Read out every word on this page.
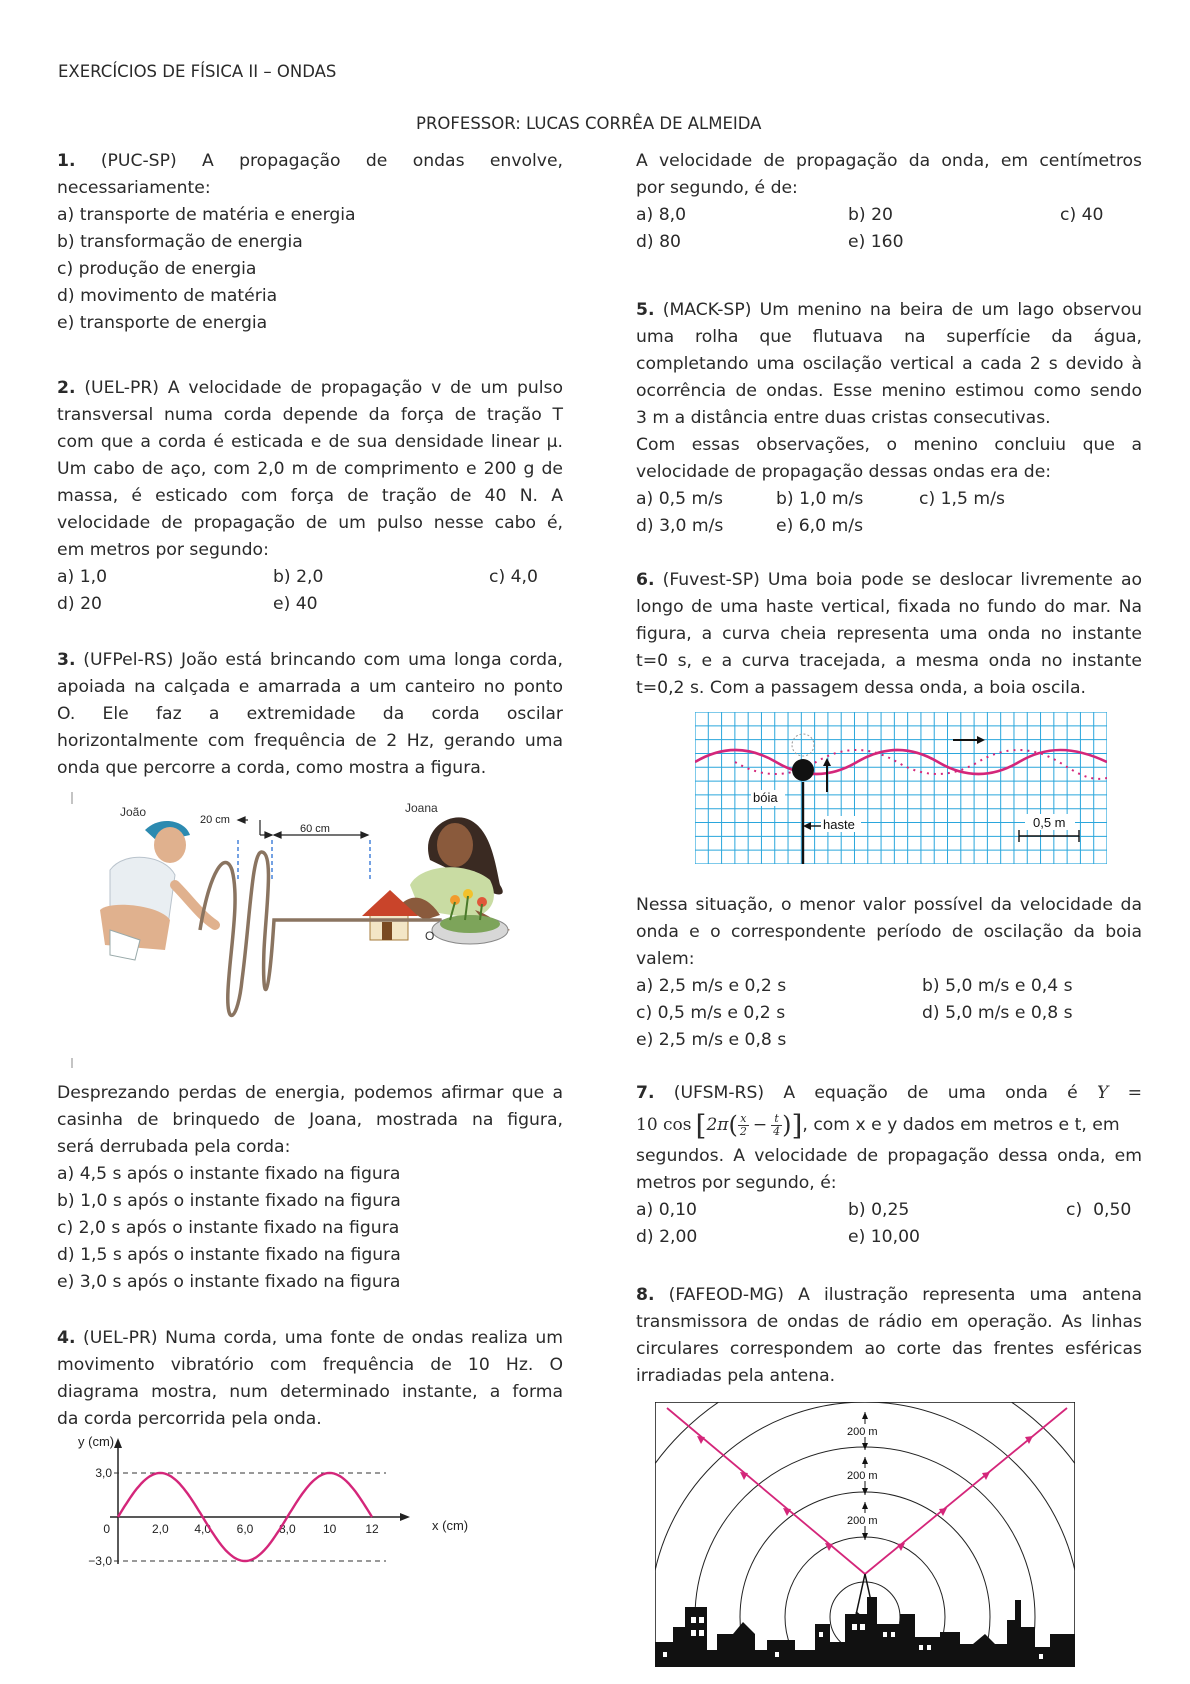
EXERCÍCIOS DE FÍSICA II – ONDAS
PROFESSOR: LUCAS CORRÊA DE ALMEIDA
1. (PUC-SP) A propagação de ondas envolve,
necessariamente:
a) transporte de matéria e energia
b) transformação de energia
c) produção de energia
d) movimento de matéria
e) transporte de energia
2. (UEL-PR) A velocidade de propagação v de um pulso
transversal numa corda depende da força de tração T
com que a corda é esticada e de sua densidade linear μ.
Um cabo de aço, com 2,0 m de comprimento e 200 g de
massa, é esticado com força de tração de 40 N. A
velocidade de propagação de um pulso nesse cabo é,
em metros por segundo:
a) 1,0	b) 2,0	c) 4,0
d) 20	e) 40
3. (UFPel-RS) João está brincando com uma longa corda,
apoiada na calçada e amarrada a um canteiro no ponto
O. Ele faz a extremidade da corda oscilar
horizontalmente com frequência de 2 Hz, gerando uma
onda que percorre a corda, como mostra a figura.
Desprezando perdas de energia, podemos afirmar que a
casinha de brinquedo de Joana, mostrada na figura,
será derrubada pela corda:
a) 4,5 s após o instante fixado na figura
b) 1,0 s após o instante fixado na figura
c) 2,0 s após o instante fixado na figura
d) 1,5 s após o instante fixado na figura
e) 3,0 s após o instante fixado na figura
4. (UEL-PR) Numa corda, uma fonte de ondas realiza um
movimento vibratório com frequência de 10 Hz. O
diagrama mostra, num determinado instante, a forma
da corda percorrida pela onda.
Joana
João
O
20 cm
60 cm
3,0
−3,0
0	2,0 4,0 6,0 8,0 10 12
y (cm)
x (cm)
A velocidade de propagação da onda, em centímetros
por segundo, é de:
a) 8,0	b) 20	c) 40
d) 80	e) 160
5. (MACK-SP) Um menino na beira de um lago observou
uma rolha que flutuava na superfície da água,
completando uma oscilação vertical a cada 2 s devido à
ocorrência de ondas. Esse menino estimou como sendo
3 m a distância entre duas cristas consecutivas.
Com essas observações, o menino concluiu que a
velocidade de propagação dessas ondas era de:
a) 0,5 m/s	b) 1,0 m/s	c) 1,5 m/s
d) 3,0 m/s	e) 6,0 m/s
6. (Fuvest-SP) Uma boia pode se deslocar livremente ao
longo de uma haste vertical, fixada no fundo do mar. Na
figura, a curva cheia representa uma onda no instante
t=0 s, e a curva tracejada, a mesma onda no instante
t=0,2 s. Com a passagem dessa onda, a boia oscila.
Nessa situação, o menor valor possível da velocidade da
onda e o correspondente período de oscilação da boia
valem:
a) 2,5 m/s e 0,2 s	b) 5,0 m/s e 0,4 s
c) 0,5 m/s e 0,2 s	d) 5,0 m/s e 0,8 s
e) 2,5 m/s e 0,8 s
7. (UFSM-RS) A equação de uma onda é Y =
10 cos [ 2π ( x
$2 - \frac{t}{4}$ ) ] , com x e y dados em metros e t, em
segundos. A velocidade de propagação dessa onda, em
metros por segundo, é:
a) 0,10	b) 0,25	c)  0,50
d) 2,00	e) 10,00
8. (FAFEOD-MG) A ilustração representa uma antena
transmissora de ondas de rádio em operação. As linhas
circulares correspondem ao corte das frentes esféricas
irradiadas pela antena.
bóia
haste	0,5 m
200 m
200 m
200 m
